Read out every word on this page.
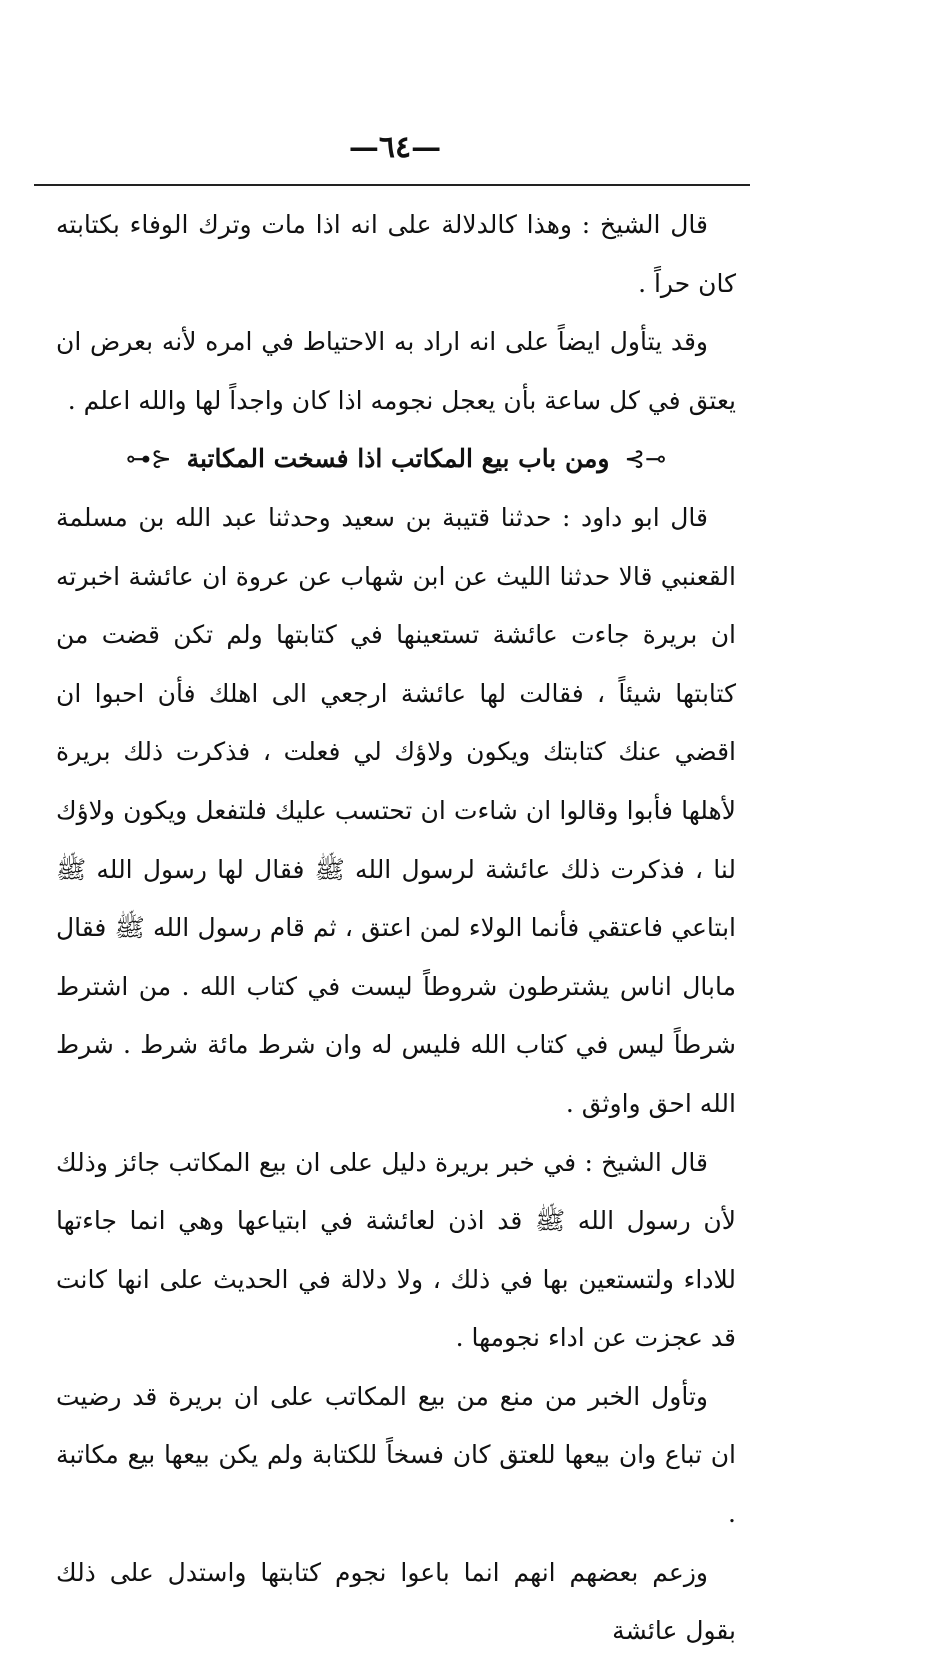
—٦٤—

قال الشيخ : وهذا كالدلالة على انه اذا مات وترك الوفاء بكتابته كان حراً .

وقد يتأول ايضاً على انه اراد به الاحتياط في امره لأنه بعرض ان يعتق في كل ساعة بأن يعجل نجومه اذا كان واجداً لها والله اعلم .

⊸⊱ ومن باب بيع المكاتب اذا فسخت المكاتبة ⊰⊷

قال ابو داود : حدثنا قتيبة بن سعيد وحدثنا عبد الله بن مسلمة القعنبي قالا حدثنا الليث عن ابن شهاب عن عروة ان عائشة اخبرته ان بريرة جاءت عائشة تستعينها في كتابتها ولم تكن قضت من كتابتها شيئاً ، فقالت لها عائشة ارجعي الى اهلك فأن احبوا ان اقضي عنك كتابتك ويكون ولاؤك لي فعلت ، فذكرت ذلك بريرة لأهلها فأبوا وقالوا ان شاءت ان تحتسب عليك فلتفعل ويكون ولاؤك لنا ، فذكرت ذلك عائشة لرسول الله ﷺ فقال لها رسول الله ﷺ ابتاعي فاعتقي فأنما الولاء لمن اعتق ، ثم قام رسول الله ﷺ فقال مابال اناس يشترطون شروطاً ليست في كتاب الله . من اشترط شرطاً ليس في كتاب الله فليس له وان شرط مائة شرط . شرط الله احق واوثق .

قال الشيخ : في خبر بريرة دليل على ان بيع المكاتب جائز وذلك لأن رسول الله ﷺ قد اذن لعائشة في ابتياعها وهي انما جاءتها للاداء ولتستعين بها في ذلك ، ولا دلالة في الحديث على انها كانت قد عجزت عن اداء نجومها .

وتأول الخبر من منع من بيع المكاتب على ان بريرة قد رضيت ان تباع وان بيعها للعتق كان فسخاً للكتابة ولم يكن بيعها بيع مكاتبة .

وزعم بعضهم انهم انما باعوا نجوم كتابتها واستدل على ذلك بقول عائشة
